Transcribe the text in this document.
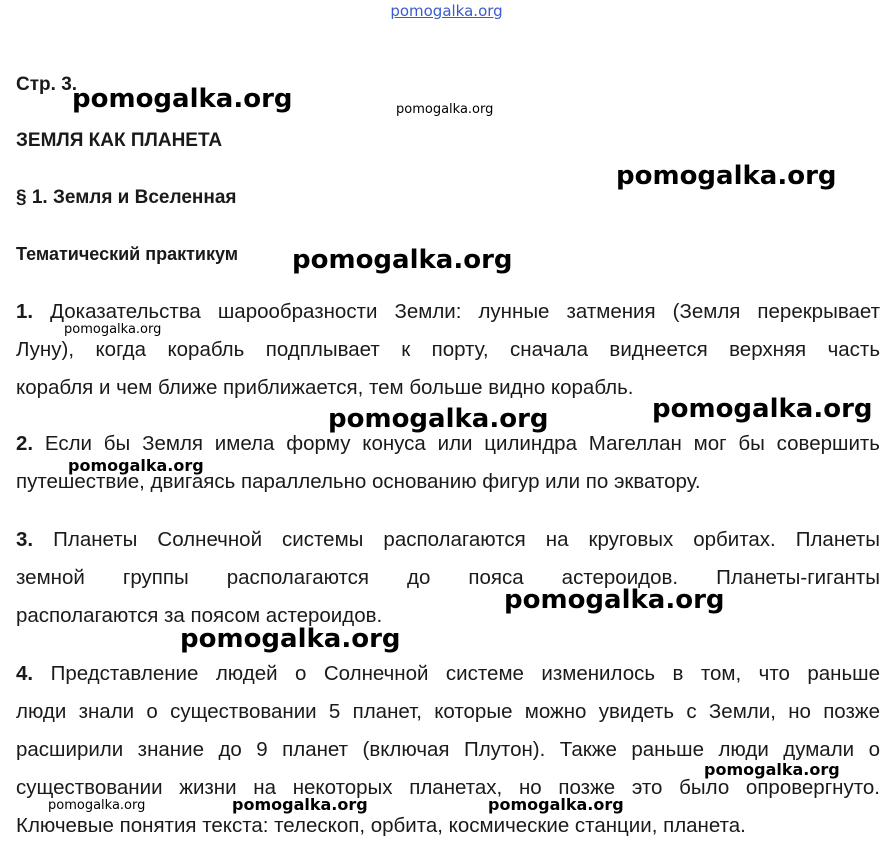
pomogalka.org
Стр. 3.
ЗЕМЛЯ КАК ПЛАНЕТА
§ 1. Земля и Вселенная
Тематический практикум
1. Доказательства шарообразности Земли: лунные затмения (Земля перекрывает
Луну), когда корабль подплывает к порту, сначала виднеется верхняя часть
корабля и чем ближе приближается, тем больше видно корабль.
2. Если бы Земля имела форму конуса или цилиндра Магеллан мог бы совершить
путешествие, двигаясь параллельно основанию фигур или по экватору.
3. Планеты Солнечной системы располагаются на круговых орбитах. Планеты
земной группы располагаются до пояса астероидов. Планеты-гиганты
располагаются за поясом астероидов.
4. Представление людей о Солнечной системе изменилось в том, что раньше
люди знали о существовании 5 планет, которые можно увидеть с Земли, но позже
расширили знание до 9 планет (включая Плутон). Также раньше люди думали о
существовании жизни на некоторых планетах, но позже это было опровергнуто.
Ключевые понятия текста: телескоп, орбита, космические станции, планета.
pomogalka.org	pomogalka.org
pomogalka.org
pomogalka.org
pomogalka.org
pomogalka.org	pomogalka.org
pomogalka.org
pomogalka.org
pomogalka.org
pomogalka.org
pomogalka.org	pomogalka.org	pomogalka.org
